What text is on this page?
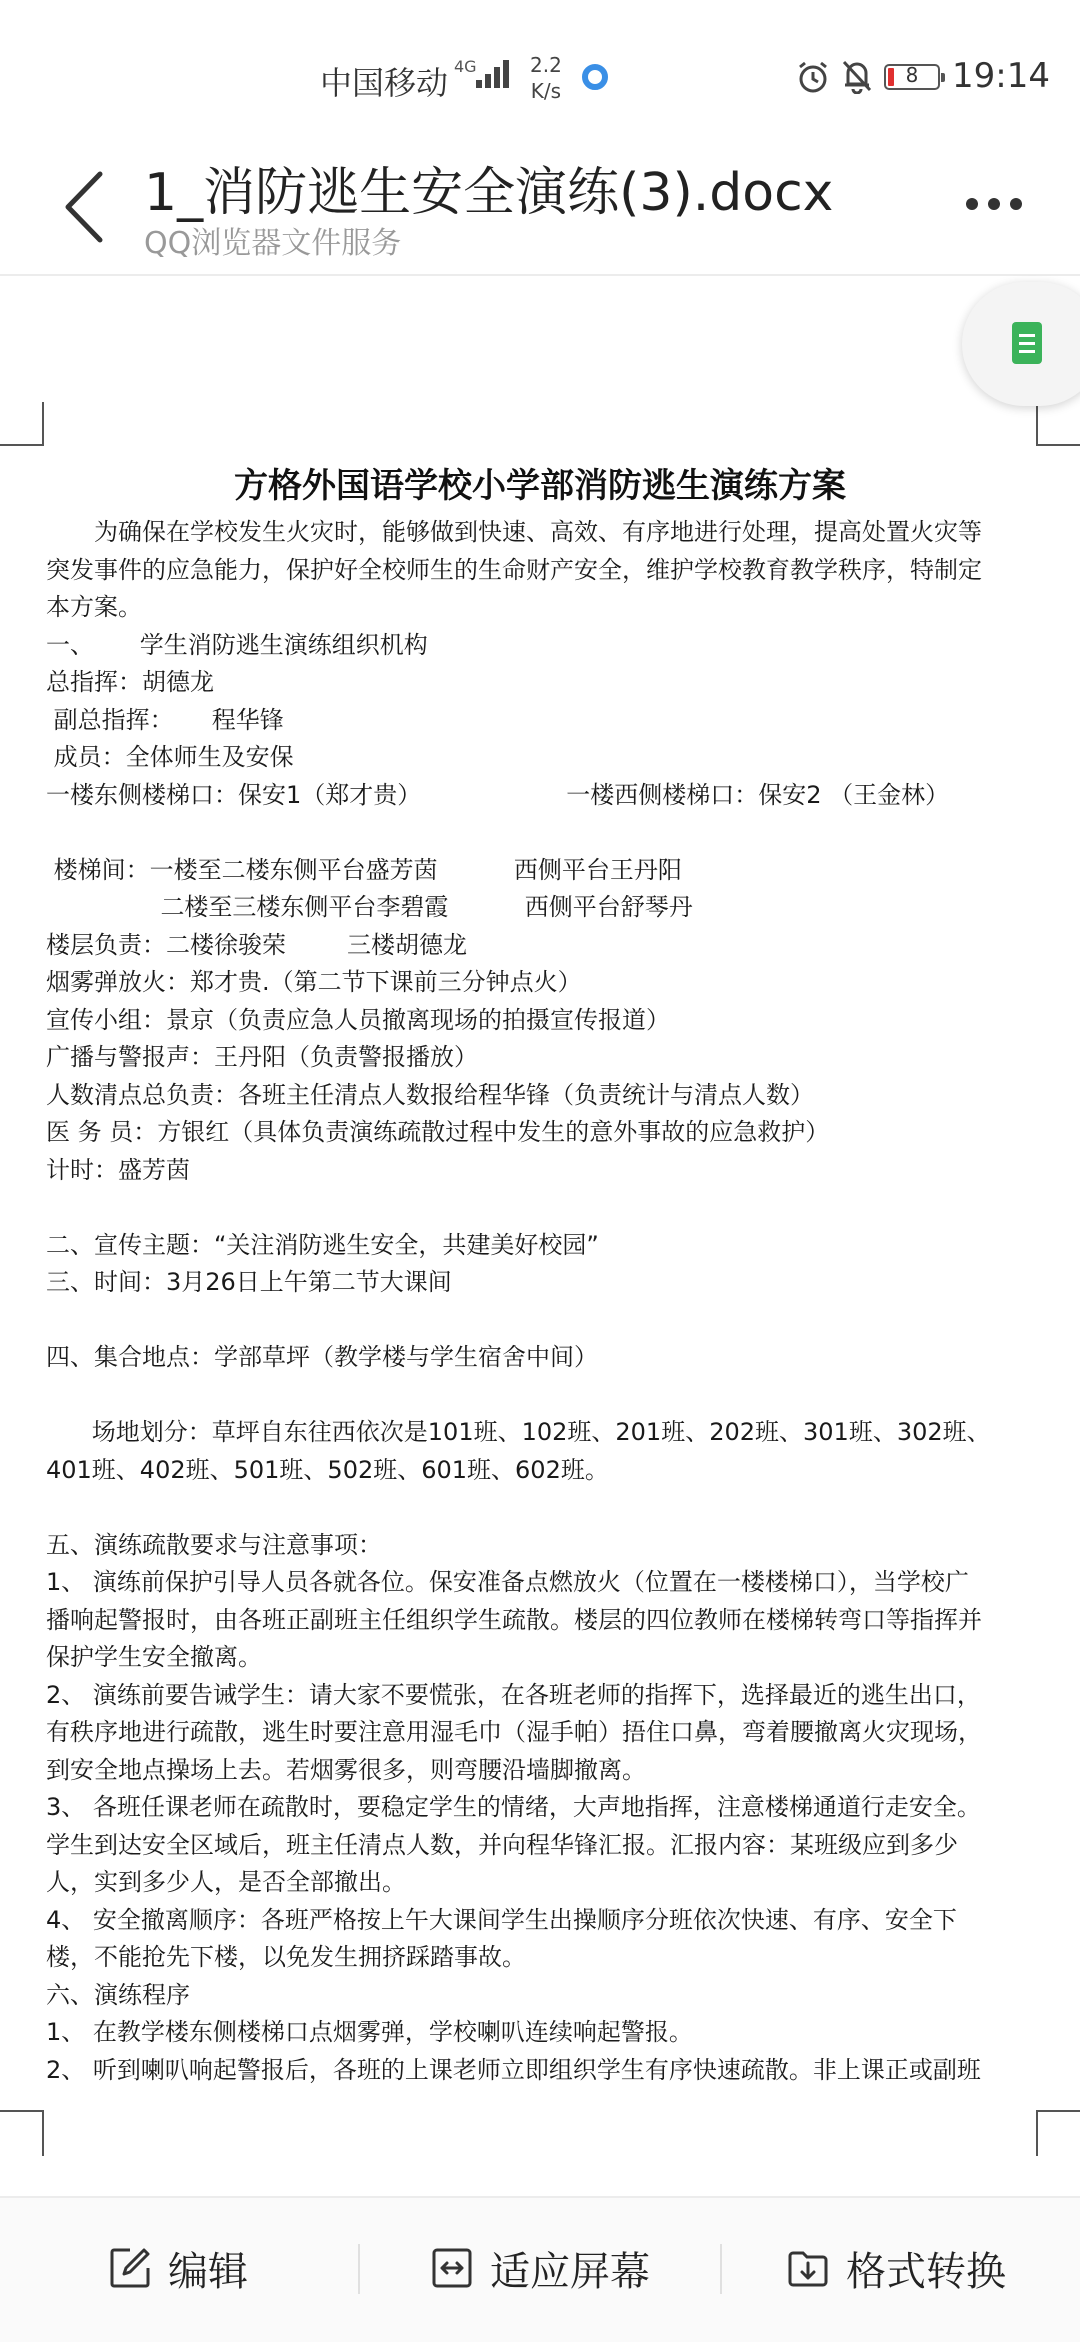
中国移动 4G	2.2
K/s
8 19:14
1_消防逃生安全演练(3).docx
QQ浏览器文件服务
方格外国语学校小学部消防逃生演练方案

为确保在学校发生火灾时，能够做到快速、高效、有序地进行处理，提高处置火灾等

突发事件的应急能力，保护好全校师生的生命财产安全，维护学校教育教学秩序，特制定

本方案。

一、      学生消防逃生演练组织机构

总指挥：胡德龙

副总指挥：     程华锋

成员：全体师生及安保

一楼东侧楼梯口：保安1（郑才贵）                   一楼西侧楼梯口：保安2 （王金林）

楼梯间：一楼至二楼东侧平台盛芳茵          西侧平台王丹阳

二楼至三楼东侧平台李碧霞          西侧平台舒琴丹

楼层负责：二楼徐骏荣        三楼胡德龙

烟雾弹放火：郑才贵.（第二节下课前三分钟点火）

宣传小组：景京（负责应急人员撤离现场的拍摄宣传报道）

广播与警报声：王丹阳（负责警报播放）

人数清点总负责：各班主任清点人数报给程华锋（负责统计与清点人数）

医 务 员：方银红（具体负责演练疏散过程中发生的意外事故的应急救护）

计时：盛芳茵

二、宣传主题：“关注消防逃生安全，共建美好校园”

三、时间：3月26日上午第二节大课间

四、集合地点：学部草坪（教学楼与学生宿舍中间）

场地划分：草坪自东往西依次是101班、102班、201班、202班、301班、302班、

401班、402班、501班、502班、601班、602班。

五、演练疏散要求与注意事项：

1、 演练前保护引导人员各就各位。保安准备点燃放火（位置在一楼楼梯口），当学校广

播响起警报时，由各班正副班主任组织学生疏散。楼层的四位教师在楼梯转弯口等指挥并

保护学生安全撤离。

2、 演练前要告诫学生：请大家不要慌张，在各班老师的指挥下，选择最近的逃生出口，

有秩序地进行疏散，逃生时要注意用湿毛巾（湿手帕）捂住口鼻，弯着腰撤离火灾现场，

到安全地点操场上去。若烟雾很多，则弯腰沿墙脚撤离。

3、 各班任课老师在疏散时，要稳定学生的情绪，大声地指挥，注意楼梯通道行走安全。

学生到达安全区域后，班主任清点人数，并向程华锋汇报。汇报内容：某班级应到多少

人，实到多少人，是否全部撤出。

4、 安全撤离顺序：各班严格按上午大课间学生出操顺序分班依次快速、有序、安全下

楼，不能抢先下楼，以免发生拥挤踩踏事故。

六、演练程序

1、 在教学楼东侧楼梯口点烟雾弹，学校喇叭连续响起警报。

2、 听到喇叭响起警报后，各班的上课老师立即组织学生有序快速疏散。非上课正或副班

编辑	适应屏幕	格式转换
